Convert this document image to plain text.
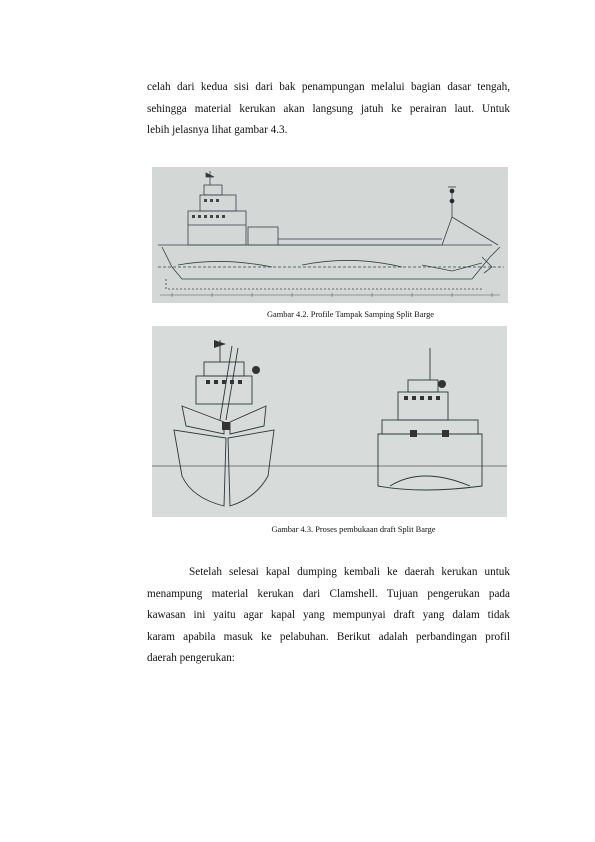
celah dari kedua sisi dari bak penampungan melalui bagian dasar tengah,
sehingga material kerukan akan langsung jatuh ke perairan laut. Untuk
lebih jelasnya lihat gambar 4.3.

Gambar 4.2. Profile Tampak Samping Split Barge

Gambar 4.3. Proses pembukaan draft Split Barge

Setelah selesai kapal dumping kembali ke daerah kerukan untuk
menampung material kerukan dari Clamshell. Tujuan pengerukan pada
kawasan ini yaitu agar kapal yang mempunyai draft yang dalam tidak
karam apabila masuk ke pelabuhan. Berikut adalah perbandingan profil
daerah pengerukan:
